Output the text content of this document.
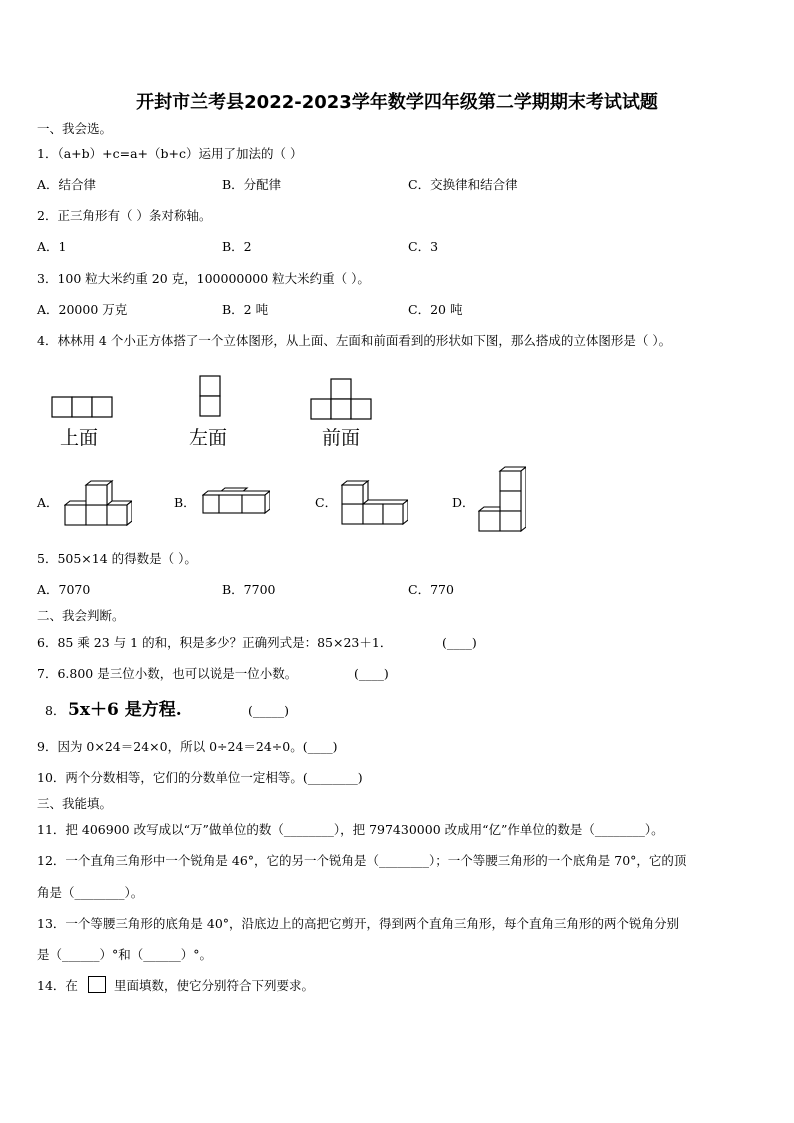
开封市兰考县2022-2023学年数学四年级第二学期期末考试试题
一、我会选。
1．（a+b）+c=a+（b+c）运用了加法的（ ）
A．结合律	B．分配律	C．交换律和结合律
2．正三角形有（ ）条对称轴。
A．1	B．2	C．3
3．100 粒大米约重 20 克，100000000 粒大米约重（ ）。
A．20000 万克	B．2 吨	C．20 吨
4．林林用 4 个小正方体搭了一个立体图形，从上面、左面和前面看到的形状如下图，那么搭成的立体图形是（ ）。
上面	左面	前面
A．	B．	C．	D．
5．505×14 的得数是（ ）。
A．7070	B．7700	C．770
二、我会判断。
6．85 乘 23 与 1 的和，积是多少？正确列式是：85×23＋1．	(____)
7．6.800 是三位小数，也可以说是一位小数。	(____)
8． 5x＋6 是方程.	(_____)
9．因为 0×24＝24×0，所以 0÷24＝24÷0。(____)
10．两个分数相等，它们的分数单位一定相等。(________)
三、我能填。
11．把 406900 改写成以“万”做单位的数（________），把 797430000 改成用“亿”作单位的数是（________）。
12．一个直角三角形中一个锐角是 46°，它的另一个锐角是（________）；一个等腰三角形的一个底角是 70°，它的顶
角是（________）。
13．一个等腰三角形的底角是 40°，沿底边上的高把它剪开，得到两个直角三角形，每个直角三角形的两个锐角分别
是（______）°和（______）°。
14．在	里面填数，使它分别符合下列要求。
